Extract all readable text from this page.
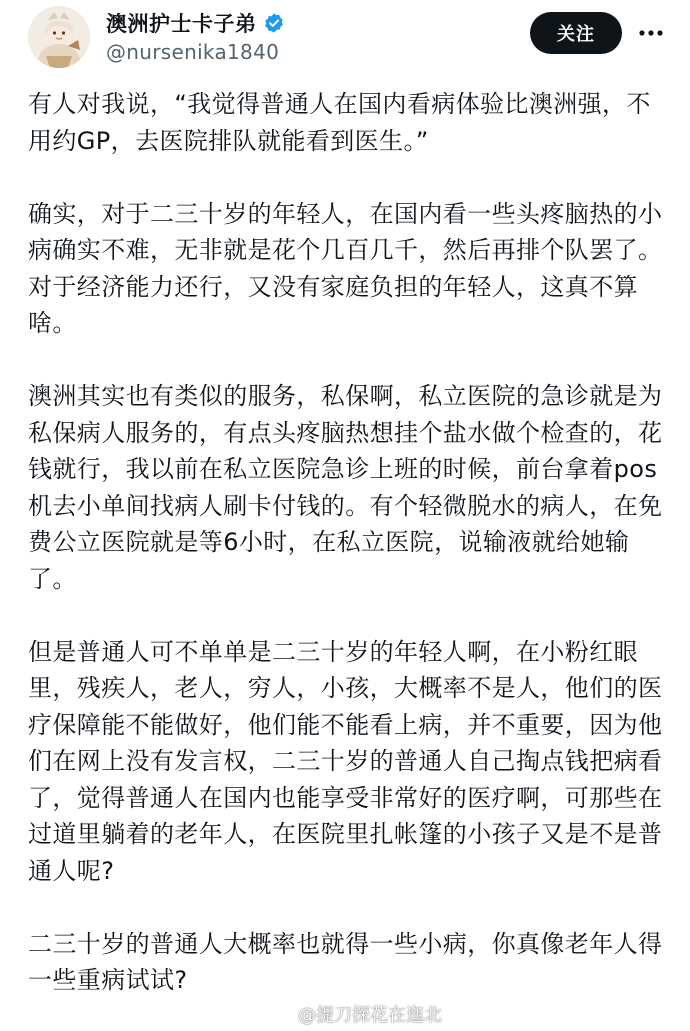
澳洲护士卡子弟
@nursenika1840
关注
有人对我说，“我觉得普通人在国内看病体验比澳洲强，不用约GP，去医院排队就能看到医生。”
确实，对于二三十岁的年轻人，在国内看一些头疼脑热的小病确实不难，无非就是花个几百几千，然后再排个队罢了。对于经济能力还行，又没有家庭负担的年轻人，这真不算啥。
澳洲其实也有类似的服务，私保啊，私立医院的急诊就是为私保病人服务的，有点头疼脑热想挂个盐水做个检查的，花钱就行，我以前在私立医院急诊上班的时候，前台拿着pos机去小单间找病人刷卡付钱的。有个轻微脱水的病人，在免费公立医院就是等6小时，在私立医院，说输液就给她输了。
但是普通人可不单单是二三十岁的年轻人啊，在小粉红眼里，残疾人，老人，穷人，小孩，大概率不是人，他们的医疗保障能不能做好，他们能不能看上病，并不重要，因为他们在网上没有发言权，二三十岁的普通人自己掏点钱把病看了，觉得普通人在国内也能享受非常好的医疗啊，可那些在过道里躺着的老年人，在医院里扎帐篷的小孩子又是不是普通人呢?
二三十岁的普通人大概率也就得一些小病，你真像老年人得一些重病试试?
@提刀探花在迤北
